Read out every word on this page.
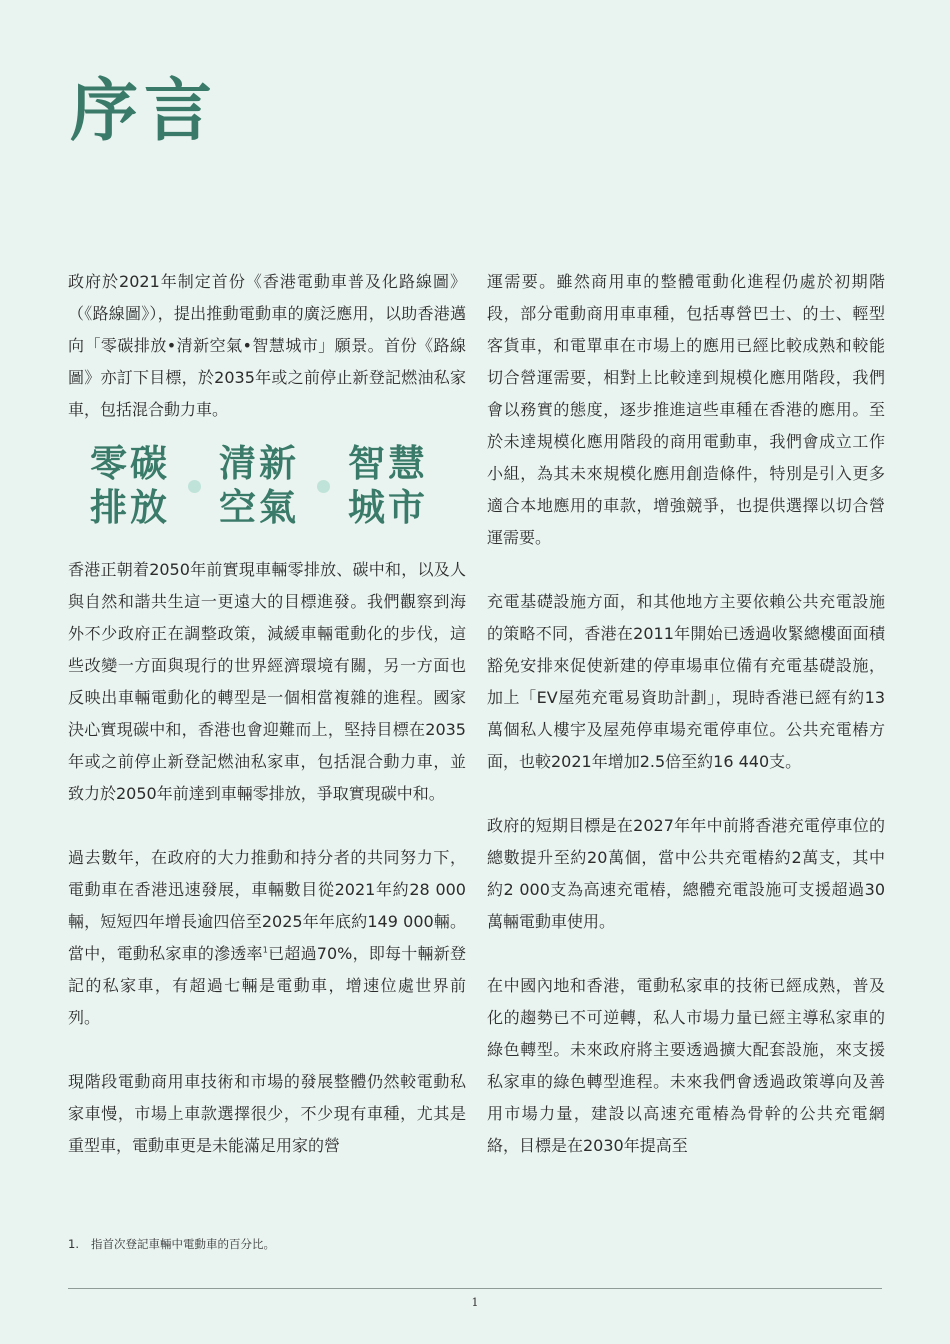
序言

政府於2021年制定首份《香港電動車普及化路線圖》（《路線圖》），提出推動電動車的廣泛應用，以助香港邁向「零碳排放•清新空氣•智慧城市」願景。首份《路線圖》亦訂下目標，於2035年或之前停止新登記燃油私家車，包括混合動力車。

零碳
排放
清新
空氣
智慧
城市

香港正朝着2050年前實現車輛零排放、碳中和，以及人與自然和諧共生這一更遠大的目標進發。我們觀察到海外不少政府正在調整政策，減緩車輛電動化的步伐，這些改變一方面與現行的世界經濟環境有關，另一方面也反映出車輛電動化的轉型是一個相當複雜的進程。國家決心實現碳中和，香港也會迎難而上，堅持目標在2035年或之前停止新登記燃油私家車，包括混合動力車，並致力於2050年前達到車輛零排放，爭取實現碳中和。

過去數年，在政府的大力推動和持分者的共同努力下，電動車在香港迅速發展，車輛數目從2021年約28 000輛，短短四年增長逾四倍至2025年年底約149 000輛。當中，電動私家車的滲透率$^1$已超過70%，即每十輛新登記的私家車，有超過七輛是電動車，增速位處世界前列。

現階段電動商用車技術和市場的發展整體仍然較電動私家車慢，市場上車款選擇很少，不少現有車種，尤其是重型車，電動車更是未能滿足用家的營

運需要。雖然商用車的整體電動化進程仍處於初期階段，部分電動商用車車種，包括專營巴士、的士、輕型客貨車，和電單車在市場上的應用已經比較成熟和較能切合營運需要，相對上比較達到規模化應用階段，我們會以務實的態度，逐步推進這些車種在香港的應用。至於未達規模化應用階段的商用電動車，我們會成立工作小組，為其未來規模化應用創造條件，特別是引入更多適合本地應用的車款，增強競爭，也提供選擇以切合營運需要。

充電基礎設施方面，和其他地方主要依賴公共充電設施的策略不同，香港在2011年開始已透過收緊總樓面面積豁免安排來促使新建的停車場車位備有充電基礎設施，加上「EV屋苑充電易資助計劃」，現時香港已經有約13萬個私人樓宇及屋苑停車場充電停車位。公共充電樁方面，也較2021年增加2.5倍至約16 440支。

政府的短期目標是在2027年年中前將香港充電停車位的總數提升至約20萬個，當中公共充電樁約2萬支，其中約2 000支為高速充電樁，總體充電設施可支援超過30萬輛電動車使用。

在中國內地和香港，電動私家車的技術已經成熟，普及化的趨勢已不可逆轉，私人市場力量已經主導私家車的綠色轉型。未來政府將主要透過擴大配套設施，來支援私家車的綠色轉型進程。未來我們會透過政策導向及善用市場力量，建設以高速充電樁為骨幹的公共充電網絡，目標是在2030年提高至

1. 指首次登記車輛中電動車的百分比。
1
